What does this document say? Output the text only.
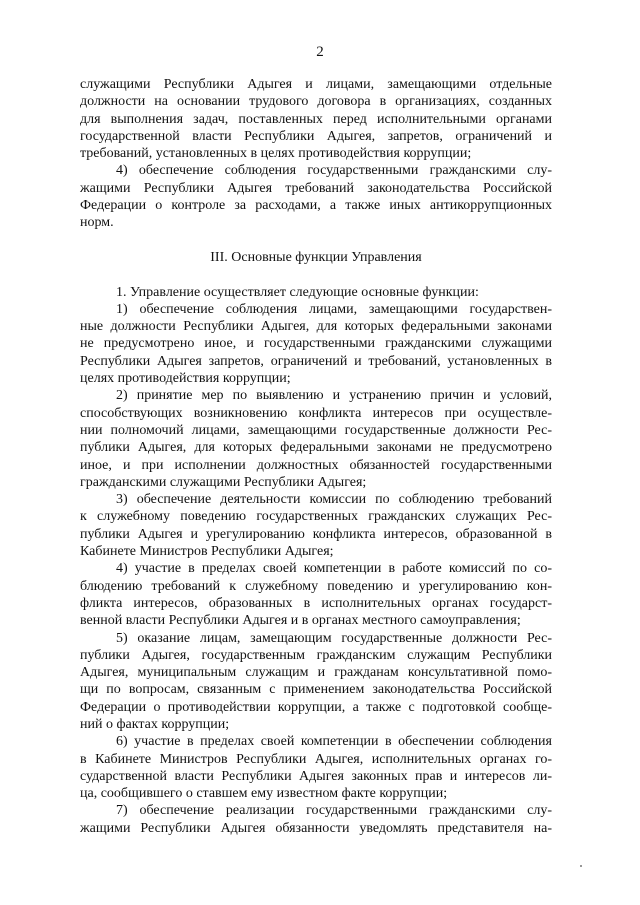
2
служащими Республики Адыгея и лицами, замещающими отдельные
должности на основании трудового договора в организациях, созданных
для выполнения задач, поставленных перед исполнительными органами
государственной власти Республики Адыгея, запретов, ограничений и
требований, установленных в целях противодействия коррупции;
4) обеспечение соблюдения государственными гражданскими слу-
жащими Республики Адыгея требований законодательства Российской
Федерации о контроле за расходами, а также иных антикоррупционных
норм.
III. Основные функции Управления
1. Управление осуществляет следующие основные функции:
1) обеспечение соблюдения лицами, замещающими государствен-
ные должности Республики Адыгея, для которых федеральными законами
не предусмотрено иное, и государственными гражданскими служащими
Республики Адыгея запретов, ограничений и требований, установленных в
целях противодействия коррупции;
2) принятие мер по выявлению и устранению причин и условий,
способствующих возникновению конфликта интересов при осуществле-
нии полномочий лицами, замещающими государственные должности Рес-
публики Адыгея, для которых федеральными законами не предусмотрено
иное, и при исполнении должностных обязанностей государственными
гражданскими служащими Республики Адыгея;
3) обеспечение деятельности комиссии по соблюдению требований
к служебному поведению государственных гражданских служащих Рес-
публики Адыгея и урегулированию конфликта интересов, образованной в
Кабинете Министров Республики Адыгея;
4) участие в пределах своей компетенции в работе комиссий по со-
блюдению требований к служебному поведению и урегулированию кон-
фликта интересов, образованных в исполнительных органах государст-
венной власти Республики Адыгея и в органах местного самоуправления;
5) оказание лицам, замещающим государственные должности Рес-
публики Адыгея, государственным гражданским служащим Республики
Адыгея, муниципальным служащим и гражданам консультативной помо-
щи по вопросам, связанным с применением законодательства Российской
Федерации о противодействии коррупции, а также с подготовкой сообще-
ний о фактах коррупции;
6) участие в пределах своей компетенции в обеспечении соблюдения
в Кабинете Министров Республики Адыгея, исполнительных органах го-
сударственной власти Республики Адыгея законных прав и интересов ли-
ца, сообщившего о ставшем ему известном факте коррупции;
7) обеспечение реализации государственными гражданскими слу-
жащими Республики Адыгея обязанности уведомлять представителя на-
